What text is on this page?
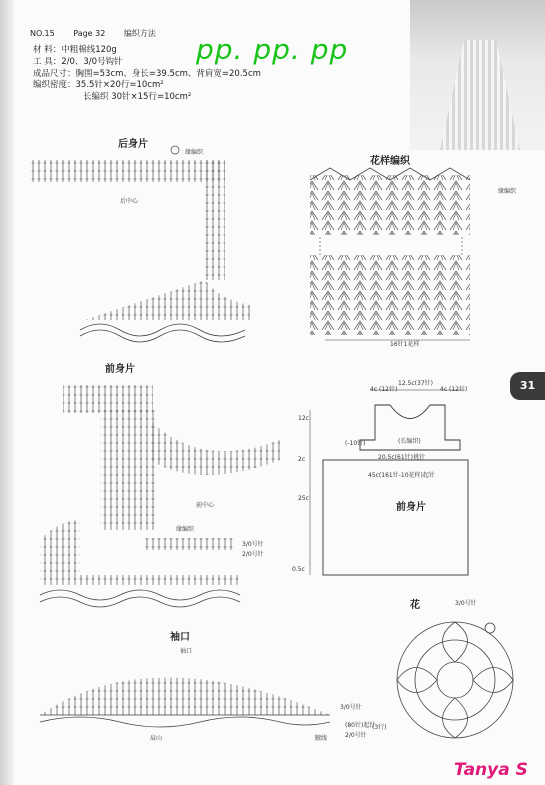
NO.15 Page 32 编织方法
材 料：中粗棉线120g
工 具：2/0、3/0号钩针
成品尺寸：胸围=53cm、身长=39.5cm、背肩宽=20.5cm
编织密度：35.5针×20行=10cm²
长编织 30针×15行=10cm²
pp. pp. pp
后身片
花样编织
前身片
前身片
花
袖口
缘编织
后中心
缘编织
16针1花样
前中心
缘编织
3/0号针
2/0号针
12.5c(37针)
4c (12针)	4c (12针)
(-10针)	(长编织)
20.5c(61针)挑针
45c(161针-10花样)起针
12c
2c
25c
0.5c
3/0号针
袖口
3/0号针
(80针)起针
2/0号针
肩山	腋线
(3行)
31
Tanya S
